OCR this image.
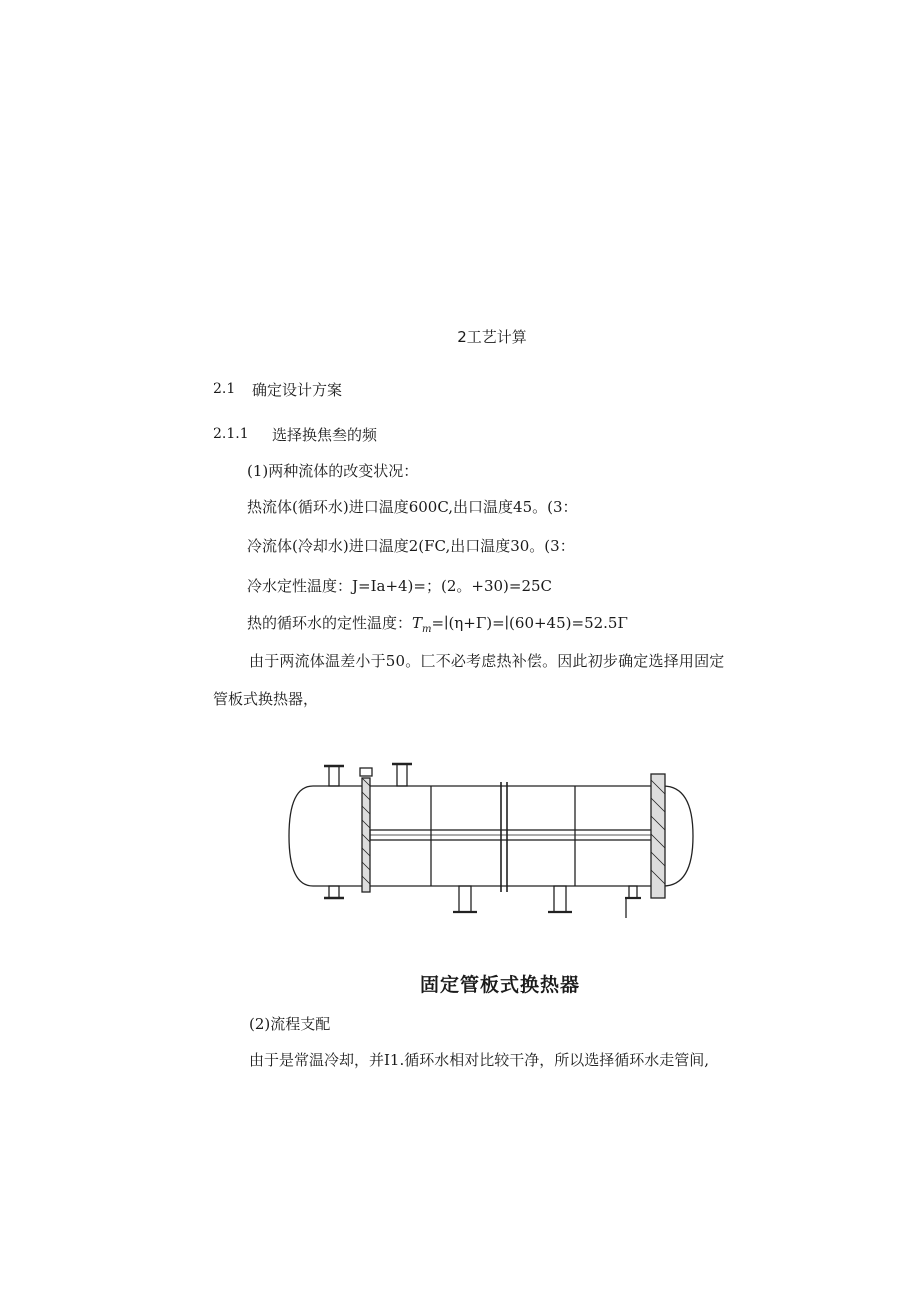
2工艺计算
2.1 确定设计方案
2.1.1 选择换焦叁的频
(1)两种流体的改变状况：
热流体(循环水)进口温度600C,出口温度45。(3：
冷流体(冷却水)进口温度2(FC,出口温度30。(3：
冷水定性温度：J=Ia+4)=；(2。+30)=25C
热的循环水的定性温度：$T_m=∣(\eta+\Gamma)=∣(60+45)=52.5\Gamma$
由于两流体温差小于50。匚不必考虑热补偿。因此初步确定选择用固定
管板式换热器，
固定管板式换热器
(2)流程支配
由于是常温冷却，并I1.循环水相对比较干净，所以选择循环水走管间,
